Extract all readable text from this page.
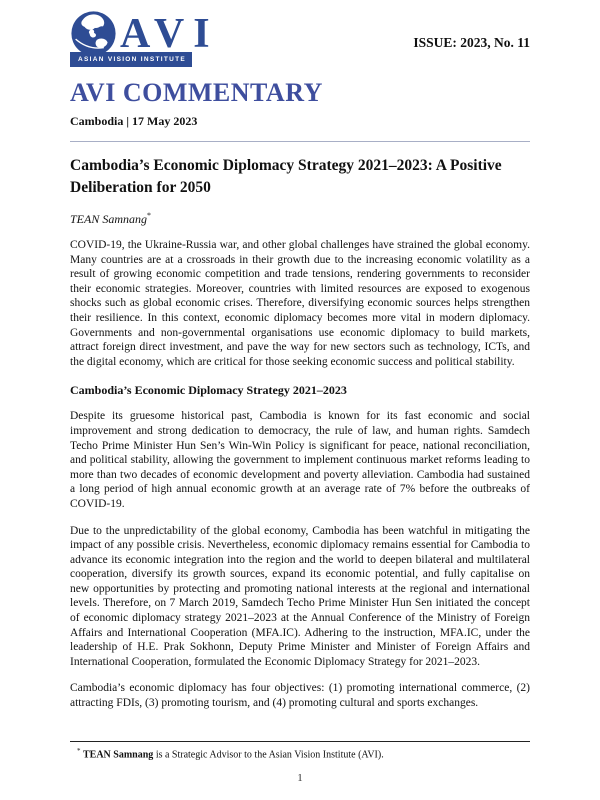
AVI
ASIAN VISION INSTITUTE
ISSUE: 2023, No. 11
AVI COMMENTARY
Cambodia | 17 May 2023
Cambodia’s Economic Diplomacy Strategy 2021–2023: A Positive Deliberation for 2050
TEAN Samnang*

COVID-19, the Ukraine-Russia war, and other global challenges have strained the global economy. Many countries are at a crossroads in their growth due to the increasing economic volatility as a result of growing economic competition and trade tensions, rendering governments to reconsider their economic strategies. Moreover, countries with limited resources are exposed to exogenous shocks such as global economic crises. Therefore, diversifying economic sources helps strengthen their resilience. In this context, economic diplomacy becomes more vital in modern diplomacy. Governments and non-governmental organisations use economic diplomacy to build markets, attract foreign direct investment, and pave the way for new sectors such as technology, ICTs, and the digital economy, which are critical for those seeking economic success and political stability.

Cambodia’s Economic Diplomacy Strategy 2021–2023

Despite its gruesome historical past, Cambodia is known for its fast economic and social improvement and strong dedication to democracy, the rule of law, and human rights. Samdech Techo Prime Minister Hun Sen’s Win-Win Policy is significant for peace, national reconciliation, and political stability, allowing the government to implement continuous market reforms leading to more than two decades of economic development and poverty alleviation. Cambodia had sustained a long period of high annual economic growth at an average rate of 7% before the outbreaks of COVID-19.

Due to the unpredictability of the global economy, Cambodia has been watchful in mitigating the impact of any possible crisis. Nevertheless, economic diplomacy remains essential for Cambodia to advance its economic integration into the region and the world to deepen bilateral and multilateral cooperation, diversify its growth sources, expand its economic potential, and fully capitalise on new opportunities by protecting and promoting national interests at the regional and international levels. Therefore, on 7 March 2019, Samdech Techo Prime Minister Hun Sen initiated the concept of economic diplomacy strategy 2021–2023 at the Annual Conference of the Ministry of Foreign Affairs and International Cooperation (MFA.IC). Adhering to the instruction, MFA.IC, under the leadership of H.E. Prak Sokhonn, Deputy Prime Minister and Minister of Foreign Affairs and International Cooperation, formulated the Economic Diplomacy Strategy for 2021–2023.

Cambodia’s economic diplomacy has four objectives: (1) promoting international commerce, (2) attracting FDIs, (3) promoting tourism, and (4) promoting cultural and sports exchanges.

* TEAN Samnang is a Strategic Advisor to the Asian Vision Institute (AVI).
1
